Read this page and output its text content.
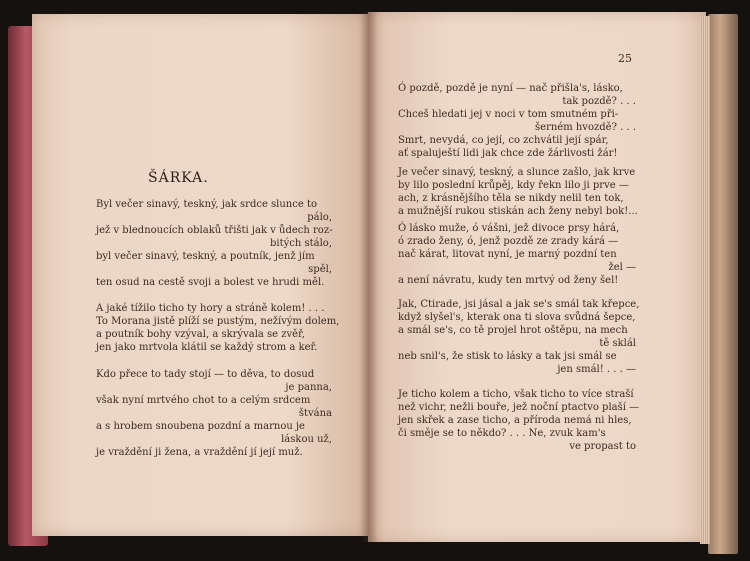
ŠÁRKA.
25
Byl večer sinavý, teskný, jak srdce slunce to
pálo,
jež v blednoucích oblaků třišti jak v ůdech roz-
bitých stálo,
byl večer sinavý, teskný, a poutník, jenž jím
spěl,
ten osud na cestě svoji a bolest ve hrudi měl.
A jaké tížilo ticho ty hory a stráně kolem! . . .
To Morana jistě plíží se pustým, nežívým dolem,
a poutník bohy vzýval, a skrývala se zvěř,
jen jako mrtvola klátil se každý strom a keř.
Kdo přece to tady stojí — to děva, to dosud
je panna,
však nyní mrtvého chot to a celým srdcem
štvána
a s hrobem snoubena pozdní a marnou je
láskou už,
je vraždění ji žena, a vraždění jí její muž.
Ó pozdě, pozdě je nyní — nač přišla's, lásko,
tak pozdě? . . .
Chceš hledati jej v noci v tom smutném při-
šerném hvozdě? . . .
Smrt, nevydá, co její, co zchvátil její spár,
ať spaluještí lidi jak chce zde žárlivosti žár!
Je večer sinavý, teskný, a slunce zašlo, jak krve
by lilo poslední krůpěj, kdy řekn lilo ji prve —
ach, z krásnějšího těla se nikdy nelil ten tok,
a mužnější rukou stiskán ach ženy nebyl bok!...
Ó lásko muže, ó vášni, jež divoce prsy hárá,
ó zrado ženy, ó, jenž pozdě ze zrady kárá —
nač kárat, litovat nyní, je marný pozdní ten
žel —
a není návratu, kudy ten mrtvý od ženy šel!
Jak, Ctirade, jsi jásal a jak se's smál tak křepce,
když slyšel's, kterak ona ti slova svůdná šepce,
a smál se's, co tě projel hrot oštěpu, na mech
tě sklál
neb snil's, že stisk to lásky a tak jsi smál se
jen smál! . . . —
Je ticho kolem a ticho, však ticho to více straší
než vichr, nežli bouře, jež noční ptactvo plaší —
jen skřek a zase ticho, a příroda nemá ni hles,
či směje se to někdo? . . . Ne, zvuk kam's
ve propast to
